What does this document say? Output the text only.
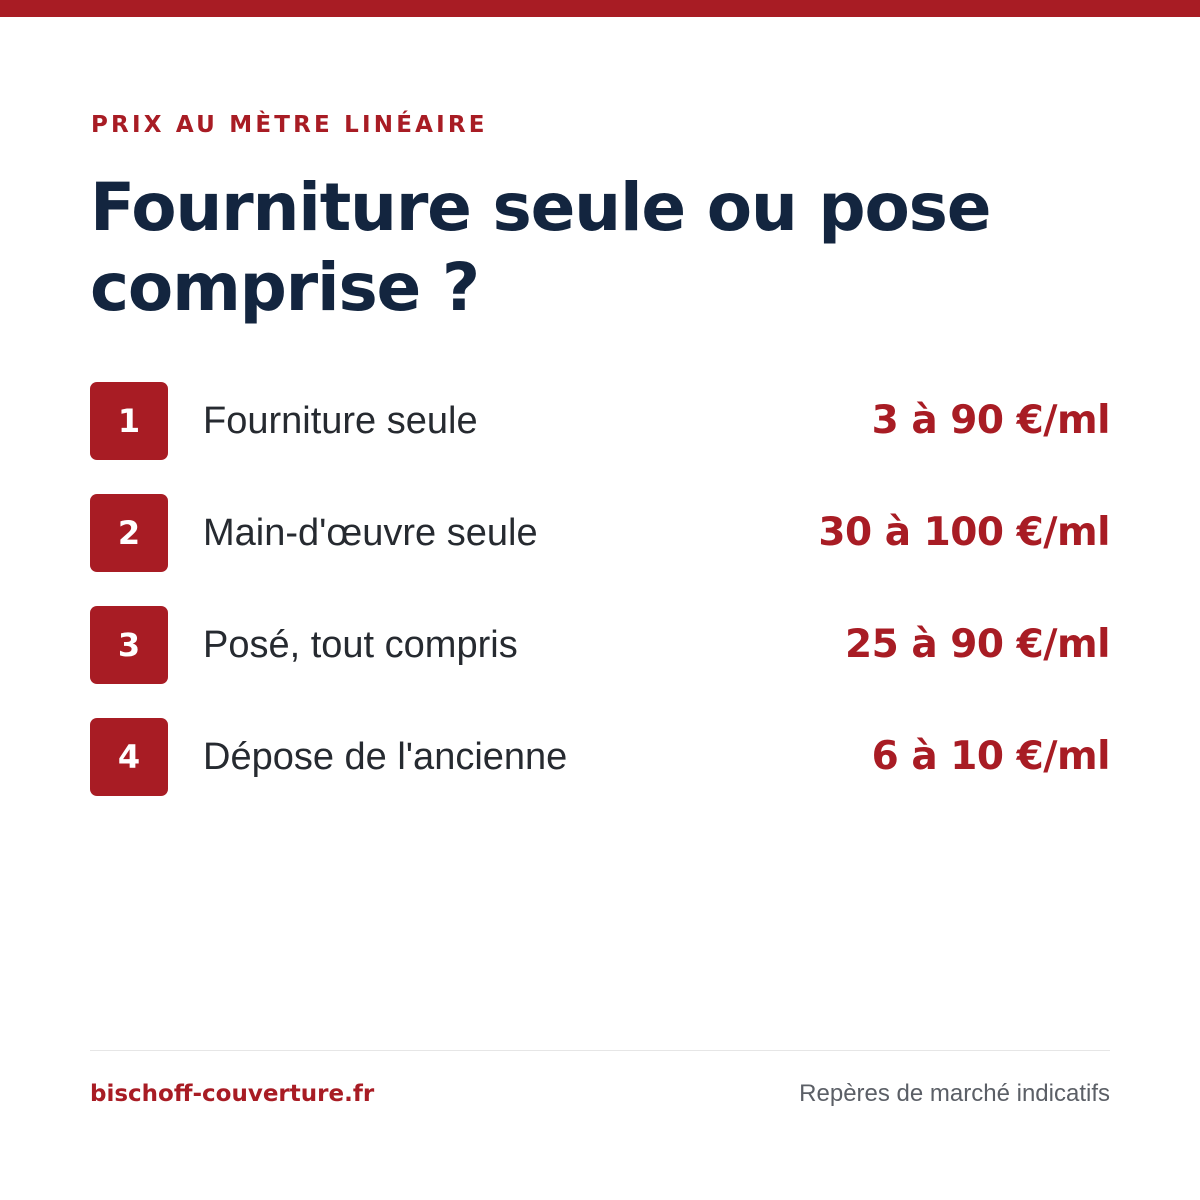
PRIX AU MÈTRE LINÉAIRE
Fourniture seule ou pose comprise ?
1	Fourniture seule	3 à 90 €/ml
2	Main-d'œuvre seule	30 à 100 €/ml
3	Posé, tout compris	25 à 90 €/ml
4	Dépose de l'ancienne	6 à 10 €/ml
bischoff-couverture.fr	Repères de marché indicatifs
